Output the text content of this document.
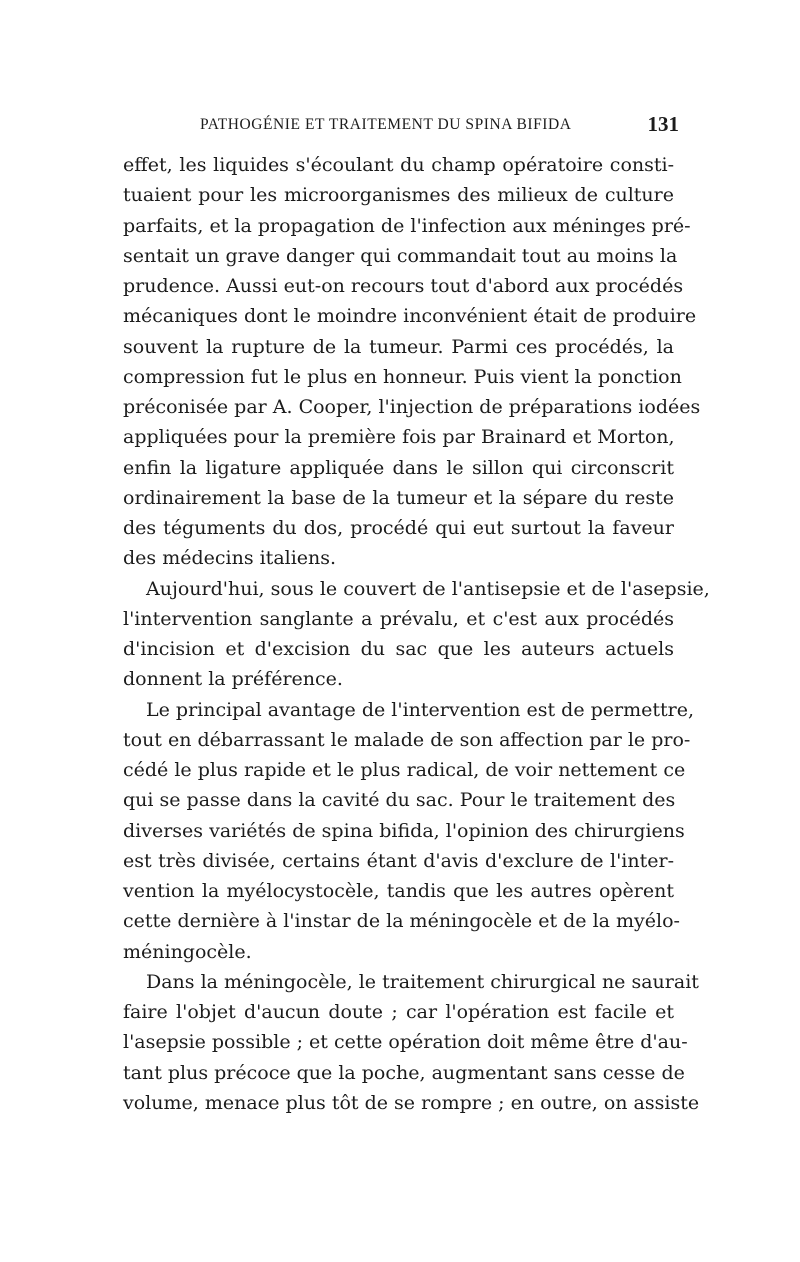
PATHOGÉNIE ET TRAITEMENT DU SPINA BIFIDA	131
effet, les liquides s'écoulant du champ opératoire consti-
tuaient pour les microorganismes des milieux de culture
parfaits, et la propagation de l'infection aux méninges pré-
sentait un grave danger qui commandait tout au moins la
prudence. Aussi eut-on recours tout d'abord aux procédés
mécaniques dont le moindre inconvénient était de produire
souvent la rupture de la tumeur. Parmi ces procédés, la
compression fut le plus en honneur. Puis vient la ponction
préconisée par A. Cooper, l'injection de préparations iodées
appliquées pour la première fois par Brainard et Morton,
enfin la ligature appliquée dans le sillon qui circonscrit
ordinairement la base de la tumeur et la sépare du reste
des téguments du dos, procédé qui eut surtout la faveur
des médecins italiens.
Aujourd'hui, sous le couvert de l'antisepsie et de l'asepsie,
l'intervention sanglante a prévalu, et c'est aux procédés
d'incision et d'excision du sac que les auteurs actuels
donnent la préférence.
Le principal avantage de l'intervention est de permettre,
tout en débarrassant le malade de son affection par le pro-
cédé le plus rapide et le plus radical, de voir nettement ce
qui se passe dans la cavité du sac. Pour le traitement des
diverses variétés de spina bifida, l'opinion des chirurgiens
est très divisée, certains étant d'avis d'exclure de l'inter-
vention la myélocystocèle, tandis que les autres opèrent
cette dernière à l'instar de la méningocèle et de la myélo-
méningocèle.
Dans la méningocèle, le traitement chirurgical ne saurait
faire l'objet d'aucun doute ; car l'opération est facile et
l'asepsie possible ; et cette opération doit même être d'au-
tant plus précoce que la poche, augmentant sans cesse de
volume, menace plus tôt de se rompre ; en outre, on assiste
